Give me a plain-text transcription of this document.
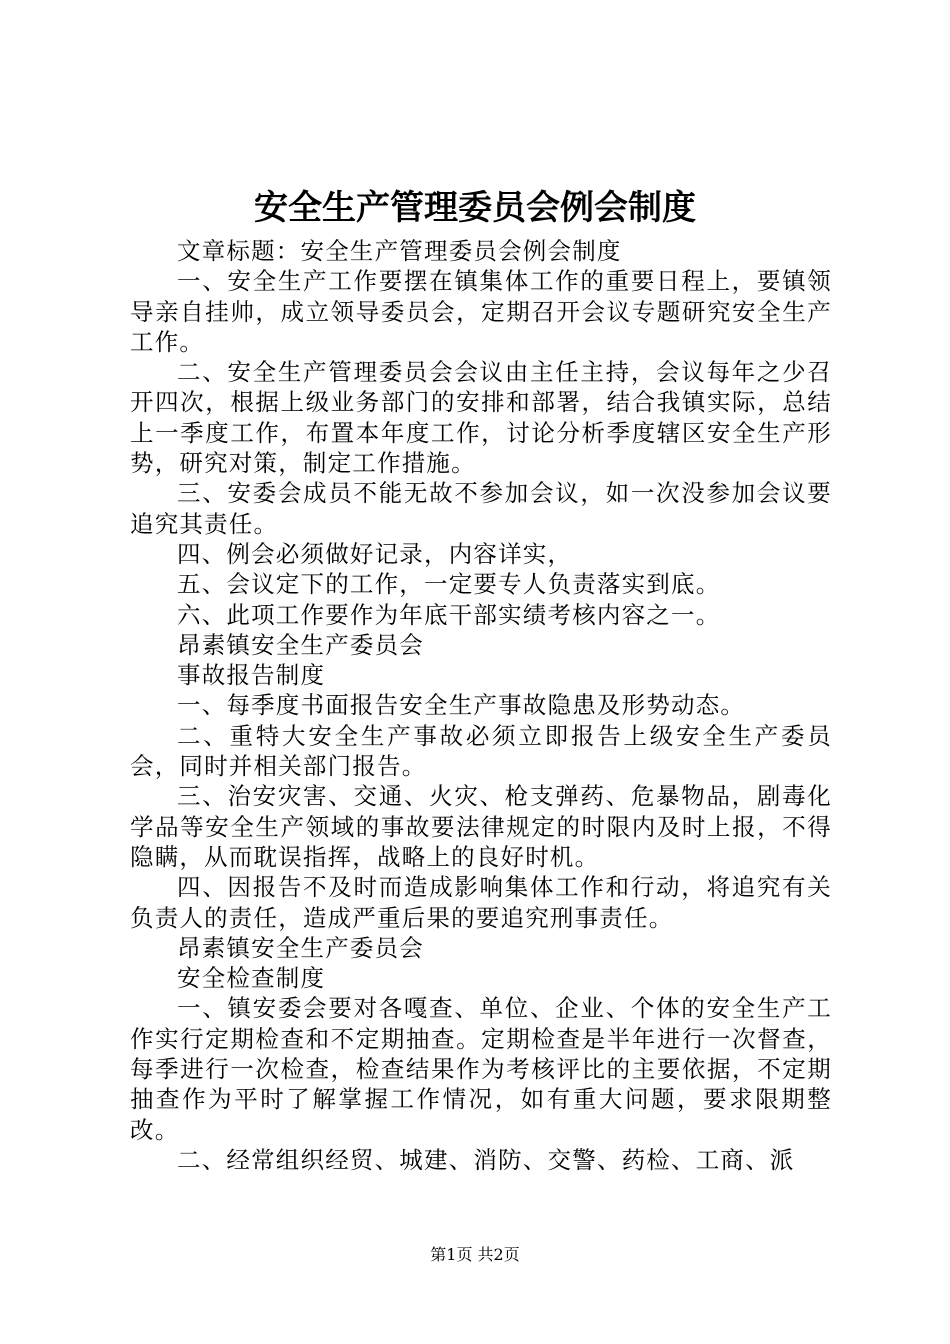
安全生产管理委员会例会制度

文章标题：安全生产管理委员会例会制度

一、安全生产工作要摆在镇集体工作的重要日程上，要镇领导亲自挂帅，成立领导委员会，定期召开会议专题研究安全生产工作。

二、安全生产管理委员会会议由主任主持，会议每年之少召开四次，根据上级业务部门的安排和部署，结合我镇实际，总结上一季度工作，布置本年度工作，讨论分析季度辖区安全生产形势，研究对策，制定工作措施。

三、安委会成员不能无故不参加会议，如一次没参加会议要追究其责任。

四、例会必须做好记录，内容详实，

五、会议定下的工作，一定要专人负责落实到底。

六、此项工作要作为年底干部实绩考核内容之一。

昂素镇安全生产委员会

事故报告制度

一、每季度书面报告安全生产事故隐患及形势动态。

二、重特大安全生产事故必须立即报告上级安全生产委员会，同时并相关部门报告。

三、治安灾害、交通、火灾、枪支弹药、危暴物品，剧毒化学品等安全生产领域的事故要法律规定的时限内及时上报，不得隐瞒，从而耽误指挥，战略上的良好时机。

四、因报告不及时而造成影响集体工作和行动，将追究有关负责人的责任，造成严重后果的要追究刑事责任。

昂素镇安全生产委员会

安全检查制度

一、镇安委会要对各嘎查、单位、企业、个体的安全生产工作实行定期检查和不定期抽查。定期检查是半年进行一次督查，每季进行一次检查，检查结果作为考核评比的主要依据，不定期抽查作为平时了解掌握工作情况，如有重大问题，要求限期整改。

二、经常组织经贸、城建、消防、交警、药检、工商、派

第1页 共2页
